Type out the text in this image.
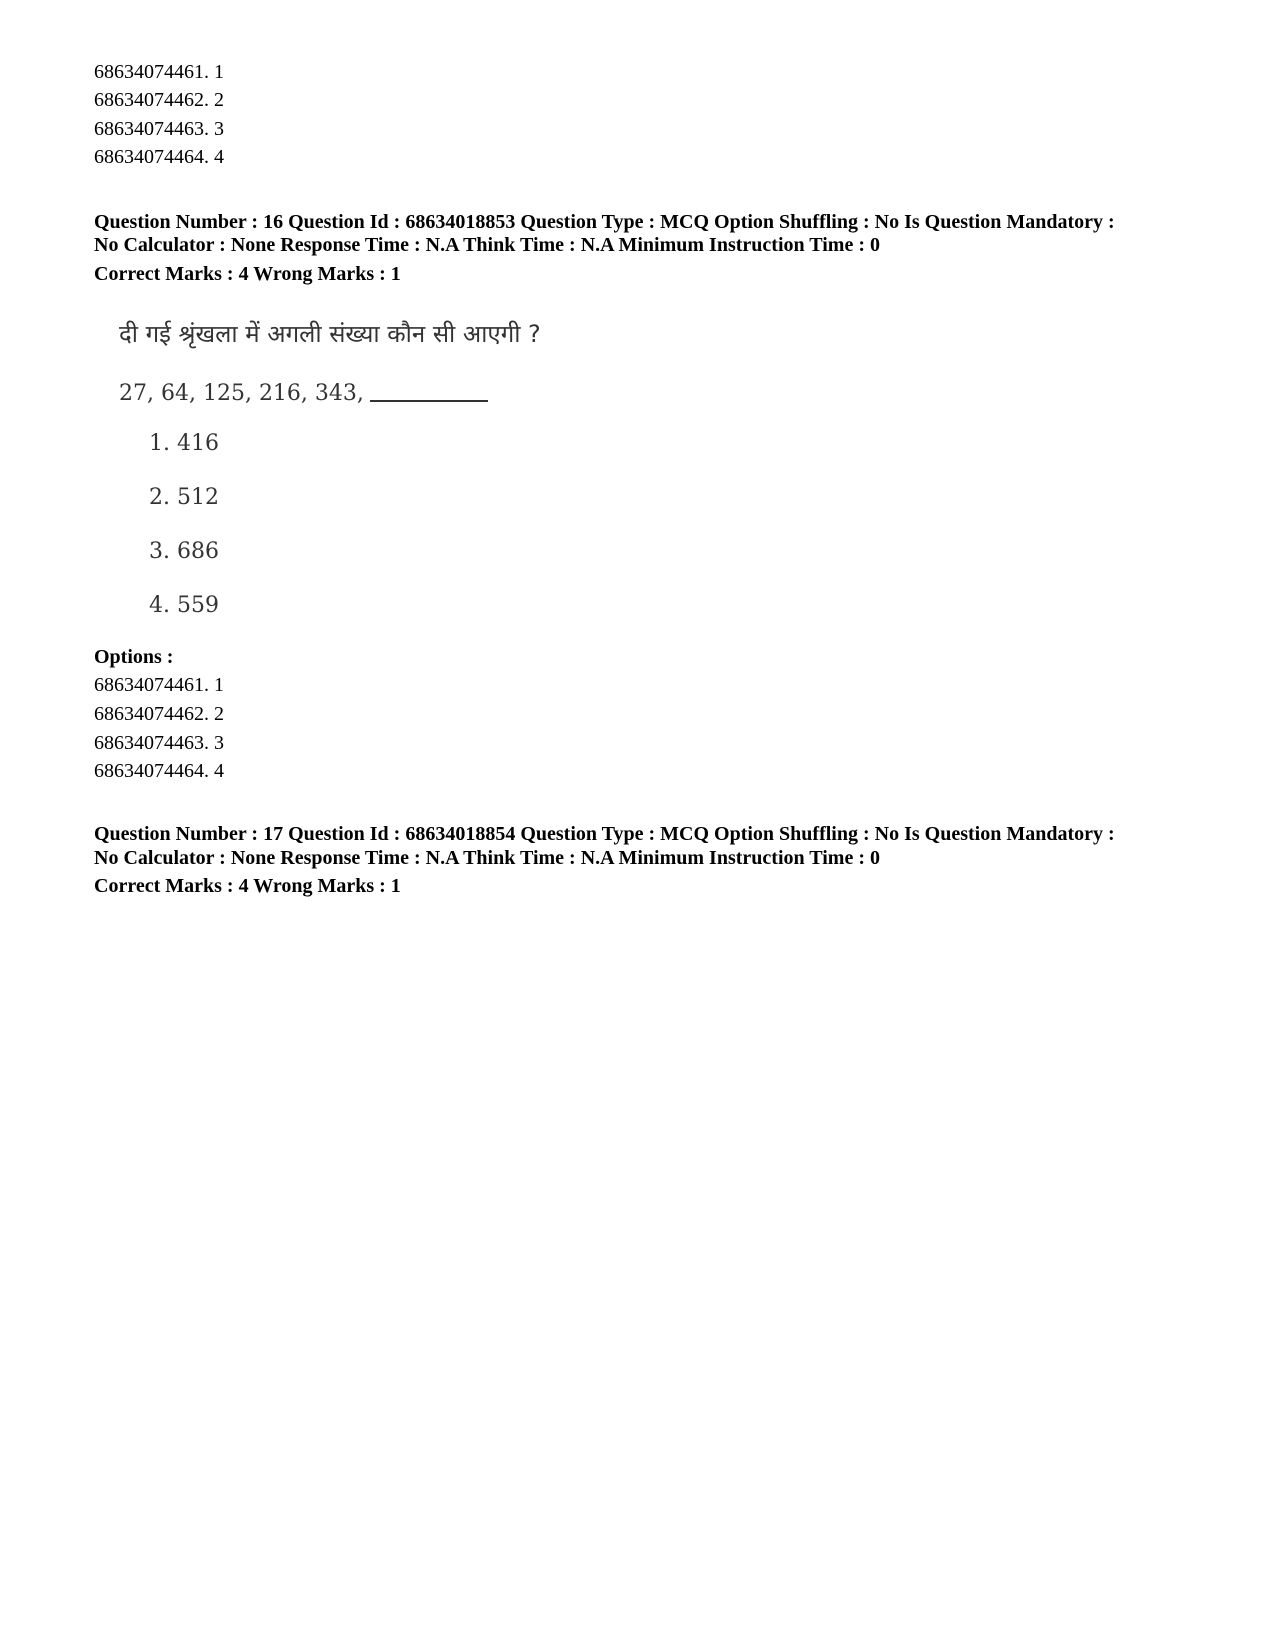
68634074461. 1
68634074462. 2
68634074463. 3
68634074464. 4
Question Number : 16 Question Id : 68634018853 Question Type : MCQ Option Shuffling : No Is Question Mandatory :
No Calculator : None Response Time : N.A Think Time : N.A Minimum Instruction Time : 0
Correct Marks : 4 Wrong Marks : 1
दी गई श्रृंखला में अगली संख्या कौन सी आएगी ?
27, 64, 125, 216, 343,
1. 416
2. 512
3. 686
4. 559
Options :
68634074461. 1
68634074462. 2
68634074463. 3
68634074464. 4
Question Number : 17 Question Id : 68634018854 Question Type : MCQ Option Shuffling : No Is Question Mandatory :
No Calculator : None Response Time : N.A Think Time : N.A Minimum Instruction Time : 0
Correct Marks : 4 Wrong Marks : 1
